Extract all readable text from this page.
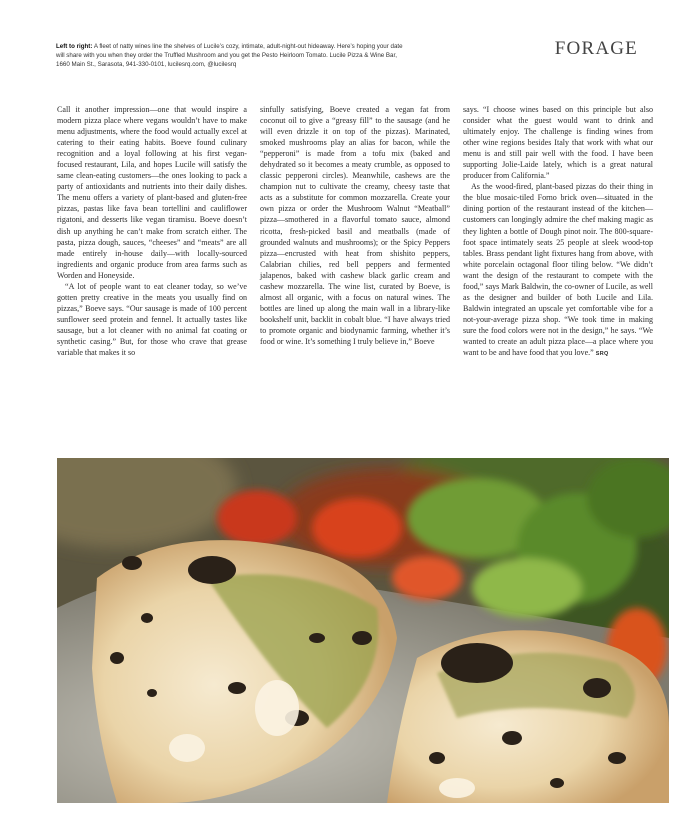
Left to right: A fleet of natty wines line the shelves of Lucile’s cozy, intimate, adult-night-out hideaway. Here’s hoping your date will share with you when they order the Truffled Mushroom and you get the Pesto Heirloom Tomato. Lucile Pizza & Wine Bar, 1660 Main St., Sarasota, 941-330-0101, lucilesrq.com, @lucilesrq
FORAGE

Call it another impression—one that would inspire a modern pizza place where vegans wouldn’t have to make menu adjustments, where the food would actually excel at catering to their eating habits. Boeve found culinary recognition and a loyal following at his first vegan-focused restaurant, Lila, and hopes Lucile will satisfy the same clean-eating customers—the ones looking to pack a party of antioxidants and nutrients into their daily dishes. The menu offers a variety of plant-based and gluten-free pizzas, pastas like fava bean tortellini and cauliflower rigatoni, and desserts like vegan tiramisu. Boeve doesn’t dish up anything he can’t make from scratch either. The pasta, pizza dough, sauces, “cheeses” and “meats” are all made entirely in-house daily—with locally-sourced ingredients and organic produce from area farms such as Worden and Honeyside.

“A lot of people want to eat cleaner today, so we’ve gotten pretty creative in the meats you usually find on pizzas,” Boeve says. “Our sausage is made of 100 percent sunflower seed protein and fennel. It actually tastes like sausage, but a lot cleaner with no animal fat coating or synthetic casing.” But, for those who crave that grease variable that makes it so

sinfully satisfying, Boeve created a vegan fat from coconut oil to give a “greasy fill” to the sausage (and he will even drizzle it on top of the pizzas). Marinated, smoked mushrooms play an alias for bacon, while the “pepperoni” is made from a tofu mix (baked and dehydrated so it becomes a meaty crumble, as opposed to classic pepperoni circles). Meanwhile, cashews are the champion nut to cultivate the creamy, cheesy taste that acts as a substitute for common mozzarella. Create your own pizza or order the Mushroom Walnut “Meatball” pizza—smothered in a flavorful tomato sauce, almond ricotta, fresh-picked basil and meatballs (made of grounded walnuts and mushrooms); or the Spicy Peppers pizza—encrusted with heat from shishito peppers, Calabrian chilies, red bell peppers and fermented jalapenos, baked with cashew black garlic cream and cashew mozzarella. The wine list, curated by Boeve, is almost all organic, with a focus on natural wines. The bottles are lined up along the main wall in a library-like bookshelf unit, backlit in cobalt blue. “I have always tried to promote organic and biodynamic farming, whether it’s food or wine. It’s something I truly believe in,” Boeve

says. “I choose wines based on this principle but also consider what the guest would want to drink and ultimately enjoy. The challenge is finding wines from other wine regions besides Italy that work with what our menu is and still pair well with the food. I have been supporting Jolie-Laide lately, which is a great natural producer from California.”

As the wood-fired, plant-based pizzas do their thing in the blue mosaic-tiled Forno brick oven—situated in the dining portion of the restaurant instead of the kitchen—customers can longingly admire the chef making magic as they lighten a bottle of Dough pinot noir. The 800-square-foot space intimately seats 25 people at sleek wood-top tables. Brass pendant light fixtures hang from above, with white porcelain octagonal floor tiling below. “We didn’t want the design of the restaurant to compete with the food,” says Mark Baldwin, the co-owner of Lucile, as well as the designer and builder of both Lucile and Lila. Baldwin integrated an upscale yet comfortable vibe for a not-your-average pizza shop. “We took time in making sure the food colors were not in the design,” he says. “We wanted to create an adult pizza place—a place where you want to be and have food that you love.” SRQ
